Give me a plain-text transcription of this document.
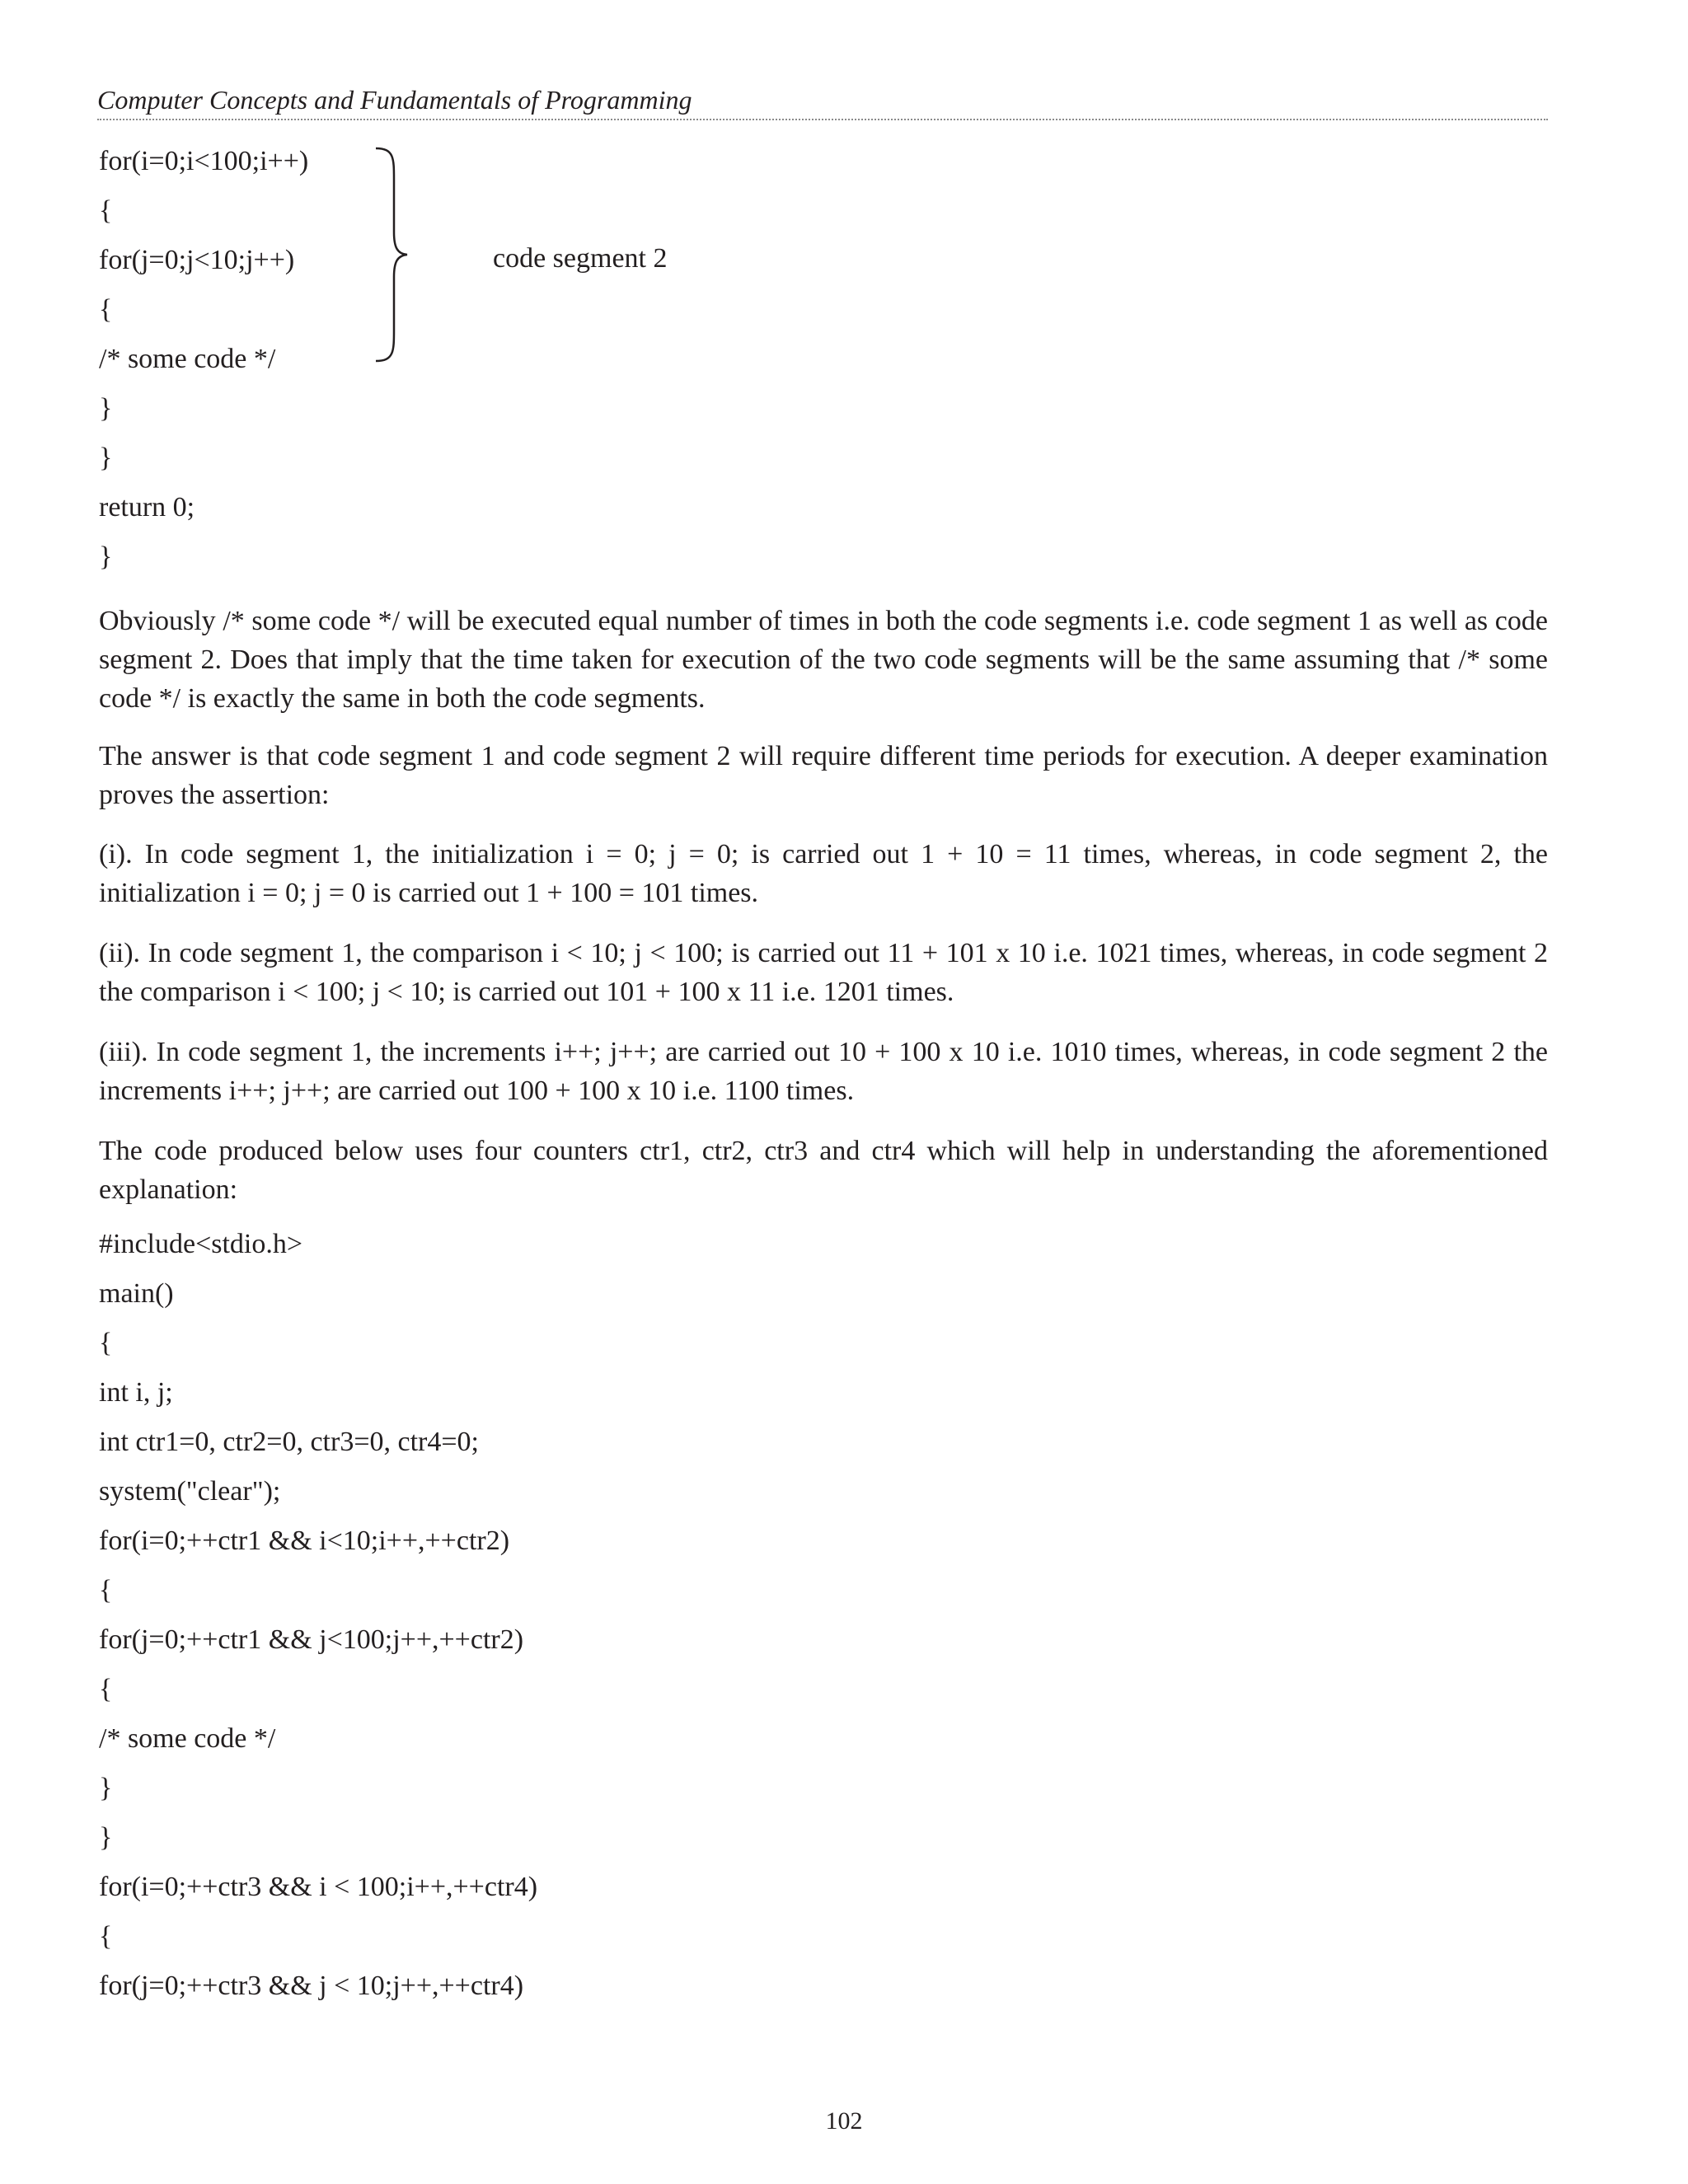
Computer Concepts and Fundamentals of Programming
for(i=0;i<100;i++)
{
for(j=0;j<10;j++)
{
/* some code */
}
}
return 0;
}
code segment 2
Obviously /* some code */ will be executed equal number of times in both the code segments i.e. code segment 1 as well as code segment 2. Does that imply that the time taken for execution of the two code segments will be the same assuming that /* some code */ is exactly the same in both the code segments.
The answer is that code segment 1 and code segment 2 will require different time periods for execution. A deeper examination proves the assertion:
(i). In code segment 1, the initialization i = 0; j = 0; is carried out 1 + 10 = 11 times, whereas, in code segment 2, the initialization i = 0; j = 0 is carried out 1 + 100 = 101 times.
(ii). In code segment 1, the comparison i < 10; j < 100; is carried out 11 + 101 x 10 i.e. 1021 times, whereas, in code segment 2 the comparison i < 100; j < 10; is carried out 101 + 100 x 11 i.e. 1201 times.
(iii). In code segment 1, the increments i++; j++; are carried out 10 + 100 x 10 i.e. 1010 times, whereas, in code segment 2 the increments i++; j++; are carried out 100 + 100 x 10 i.e. 1100 times.
The code produced below uses four counters ctr1, ctr2, ctr3 and ctr4 which will help in understanding the aforementioned explanation:
#include<stdio.h>
main()
{
int i, j;
int ctr1=0, ctr2=0, ctr3=0, ctr4=0;
system("clear");
for(i=0;++ctr1 && i<10;i++,++ctr2)
{
for(j=0;++ctr1 && j<100;j++,++ctr2)
{
/* some code */
}
}
for(i=0;++ctr3 && i < 100;i++,++ctr4)
{
for(j=0;++ctr3 && j < 10;j++,++ctr4)
102
